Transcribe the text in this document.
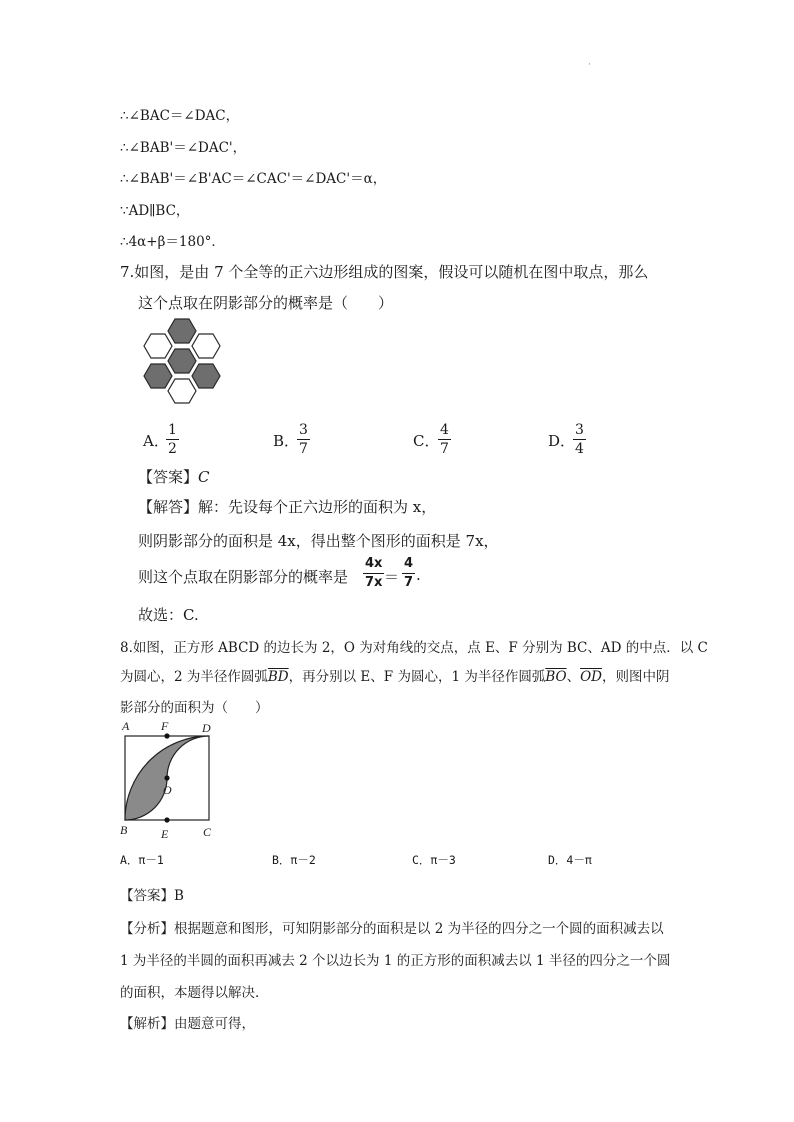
·
∴∠BAC＝∠DAC，
∴∠BAB'＝∠DAC'，
∴∠BAB'＝∠B'AC＝∠CAC'＝∠DAC'＝α，
∵AD∥BC，
∴4α+β＝180°．
7.如图，是由 7 个全等的正六边形组成的图案，假设可以随机在图中取点，那么
这个点取在阴影部分的概率是（　　）
A．
1
2	B．
3
7	C．
4
7	D．
3
4
【答案】C
【解答】解：先设每个正六边形的面积为 x，
则阴影部分的面积是 4x，得出整个图形的面积是 7x，
则这个点取在阴影部分的概率是
4x
7x ＝
4
7 .
故选：C.
8.如图，正方形 ABCD 的边长为 2，O 为对角线的交点，点 E、F 分别为 BC、AD 的中点．以 C
为圆心，2 为半径作圆弧$\overline{BD}$，再分别以 E、F 为圆心，1 为半径作圆弧$\overline{BO}$、$\overline{OD}$，则图中阴
影部分的面积为（　　）
A	F	D
O
B	E	C
A．π－1	B．π－2	C．π－3	D．4－π
【答案】B
【分析】根据题意和图形，可知阴影部分的面积是以 2 为半径的四分之一个圆的面积减去以
1 为半径的半圆的面积再减去 2 个以边长为 1 的正方形的面积减去以 1 半径的四分之一个圆
的面积，本题得以解决．
【解析】由题意可得，
